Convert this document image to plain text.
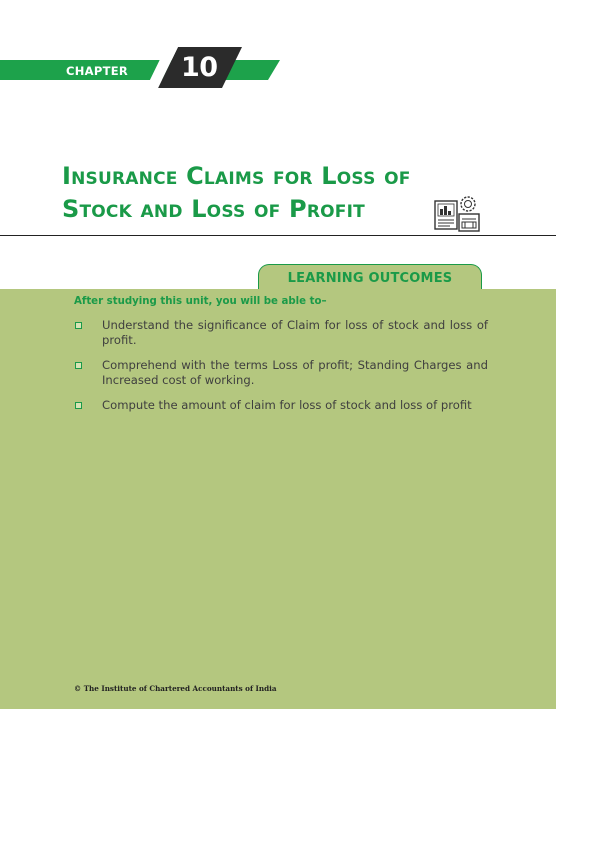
CHAPTER 10
Insurance Claims for Loss of
Stock and Loss of Profit
LEARNING OUTCOMES
After studying this unit, you will be able to–
Understand the significance of Claim for loss of stock and loss of profit.
Comprehend with the terms Loss of profit; Standing Charges and Increased cost of working.
Compute the amount of claim for loss of stock and loss of profit
© The Institute of Chartered Accountants of India
